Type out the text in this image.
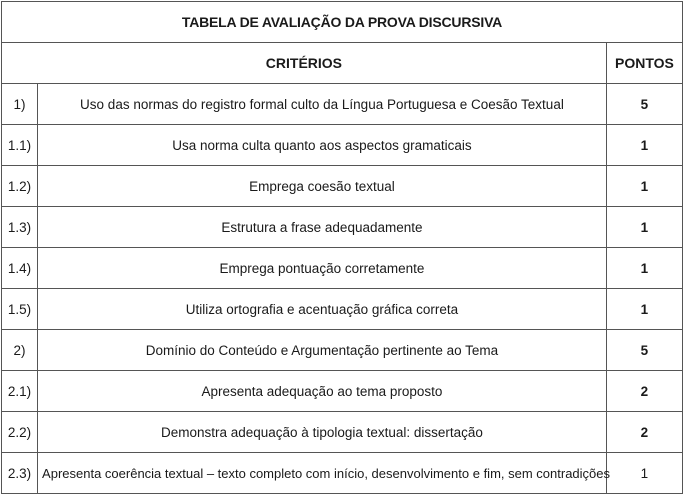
TABELA DE AVALIAÇÃO DA PROVA DISCURSIVA		
CRITÉRIOS		PONTOS
1)	Uso das normas do registro formal culto da Língua Portuguesa e Coesão Textual	5
1.1)	Usa norma culta quanto aos aspectos gramaticais	1
1.2)	Emprega coesão textual	1
1.3)	Estrutura a frase adequadamente	1
1.4)	Emprega pontuação corretamente	1
1.5)	Utiliza ortografia e acentuação gráfica correta	1
2)	Domínio do Conteúdo e Argumentação pertinente ao Tema	5
2.1)	Apresenta adequação ao tema proposto	2
2.2)	Demonstra adequação à tipologia textual: dissertação	2
2.3)	Apresenta coerência textual – texto completo com início, desenvolvimento e fim, sem contradições	1
